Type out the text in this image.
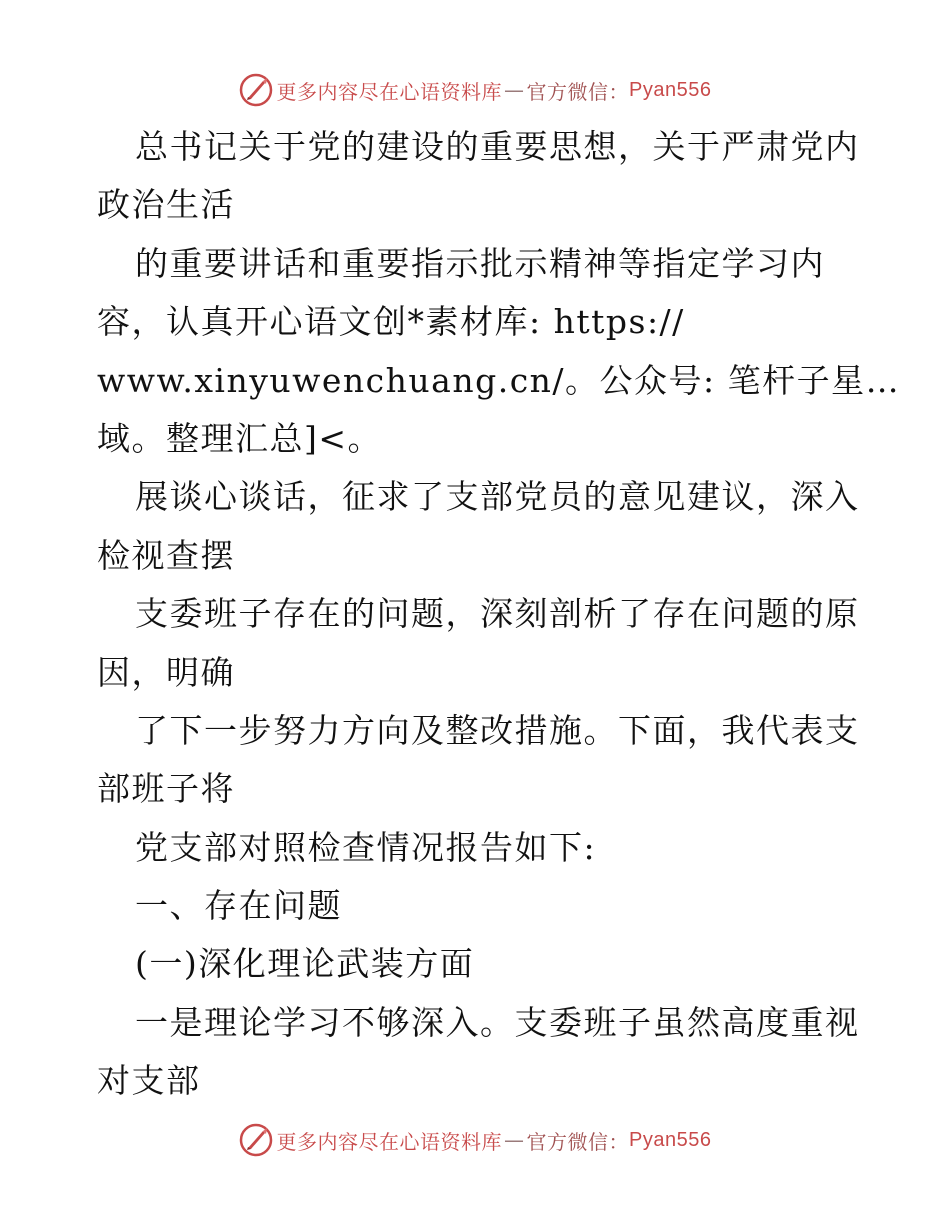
更多内容尽在心语资料库 — 官方微信： Pyan556
总书记关于党的建设的重要思想，关于严肃党内
政治生活
的重要讲话和重要指示批示精神等指定学习内
容，认真开心语文创*素材库: https://
www.xinyuwenchuang.cn/。公众号: 笔杆子星…
域。整理汇总]<。
展谈心谈话，征求了支部党员的意见建议，深入
检视查摆
支委班子存在的问题，深刻剖析了存在问题的原
因，明确
了下一步努力方向及整改措施。下面，我代表支
部班子将
党支部对照检查情况报告如下:
一、存在问题
(一)深化理论武装方面
一是理论学习不够深入。支委班子虽然高度重视
对支部
更多内容尽在心语资料库 — 官方微信： Pyan556
